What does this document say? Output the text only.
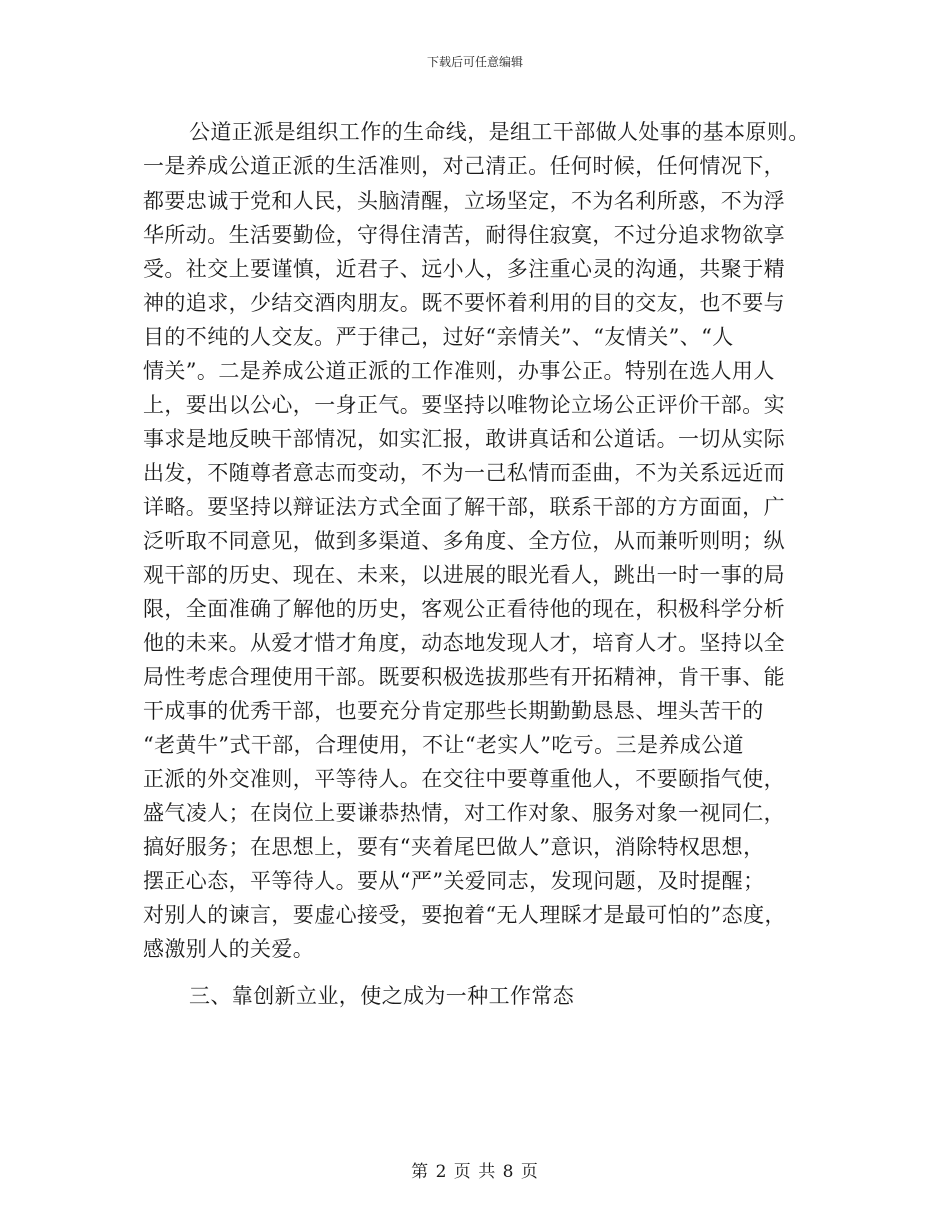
下载后可任意编辑
公道正派是组织工作的生命线，是组工干部做人处事的基本原则。
一是养成公道正派的生活准则，对己清正。任何时候，任何情况下，
都要忠诚于党和人民，头脑清醒，立场坚定，不为名利所惑，不为浮
华所动。生活要勤俭，守得住清苦，耐得住寂寞，不过分追求物欲享
受。社交上要谨慎，近君子、远小人，多注重心灵的沟通，共聚于精
神的追求，少结交酒肉朋友。既不要怀着利用的目的交友，也不要与
目的不纯的人交友。严于律己，过好“亲情关”、“友情关”、“人
情关”。二是养成公道正派的工作准则，办事公正。特别在选人用人
上，要出以公心，一身正气。要坚持以唯物论立场公正评价干部。实
事求是地反映干部情况，如实汇报，敢讲真话和公道话。一切从实际
出发，不随尊者意志而变动，不为一己私情而歪曲，不为关系远近而
详略。要坚持以辩证法方式全面了解干部，联系干部的方方面面，广
泛听取不同意见，做到多渠道、多角度、全方位，从而兼听则明；纵
观干部的历史、现在、未来，以进展的眼光看人，跳出一时一事的局
限，全面准确了解他的历史，客观公正看待他的现在，积极科学分析
他的未来。从爱才惜才角度，动态地发现人才，培育人才。坚持以全
局性考虑合理使用干部。既要积极选拔那些有开拓精神，肯干事、能
干成事的优秀干部，也要充分肯定那些长期勤勤恳恳、埋头苦干的
“老黄牛”式干部，合理使用，不让“老实人”吃亏。三是养成公道
正派的外交准则，平等待人。在交往中要尊重他人，不要颐指气使，
盛气凌人；在岗位上要谦恭热情，对工作对象、服务对象一视同仁，
搞好服务；在思想上，要有“夹着尾巴做人”意识，消除特权思想，
摆正心态，平等待人。要从“严”关爱同志，发现问题，及时提醒；
对别人的谏言，要虚心接受，要抱着“无人理睬才是最可怕的”态度，
感激别人的关爱。
三、靠创新立业，使之成为一种工作常态
第 2 页 共 8 页
